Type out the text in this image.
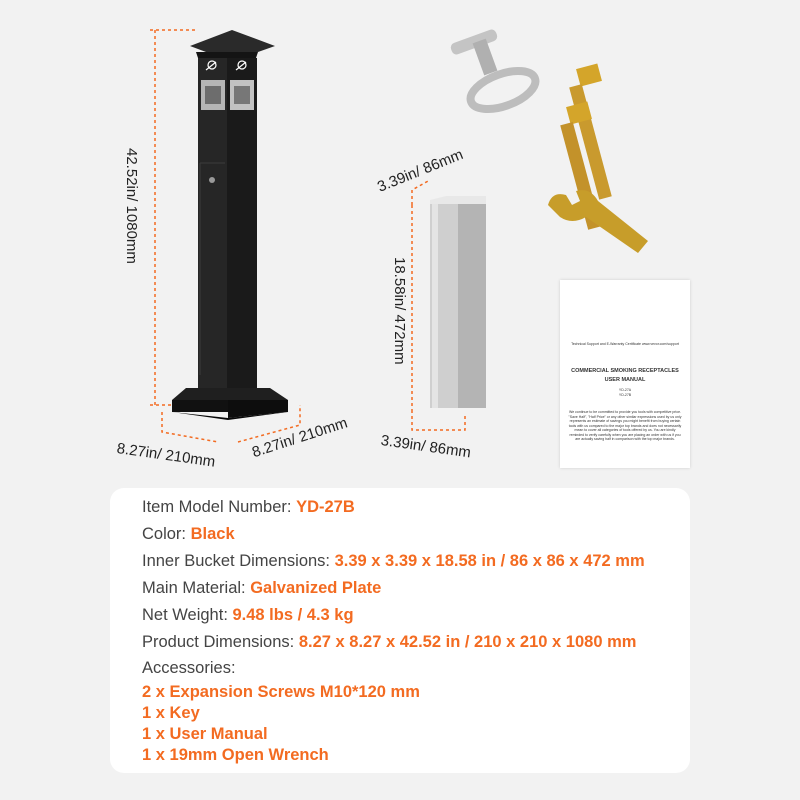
42.52in/ 1080mm
8.27in/ 210mm 8.27in/ 210mm
3.39in/ 86mm
18.58in/ 472mm
3.39in/ 86mm
Technical Support and E-Warranty Certificate www.vevor.com/support
COMMERCIAL SMOKING RECEPTACLES
USER MANUAL
YD-27A
YD-27B
We continue to be committed to provide you tools with competitive price. "Save Half", "Half Price" or any other similar expressions used by us only represents an estimate of savings you might benefit from buying certain tools with us compared to the major top brands and does not necessarily mean to cover all categories of tools offered by us. You are kindly reminded to verify carefully when you are placing an order with us if you are actually saving half in comparison with the top major brands.
Item Model Number: YD-27B
Color: Black
Inner Bucket Dimensions: 3.39 x 3.39 x 18.58 in / 86 x 86 x 472 mm
Main Material: Galvanized Plate
Net Weight: 9.48 lbs / 4.3 kg
Product Dimensions: 8.27 x 8.27 x 42.52 in / 210 x 210 x 1080 mm
Accessories:
2 x Expansion Screws M10*120 mm
1 x Key
1 x User Manual
1 x 19mm Open Wrench
